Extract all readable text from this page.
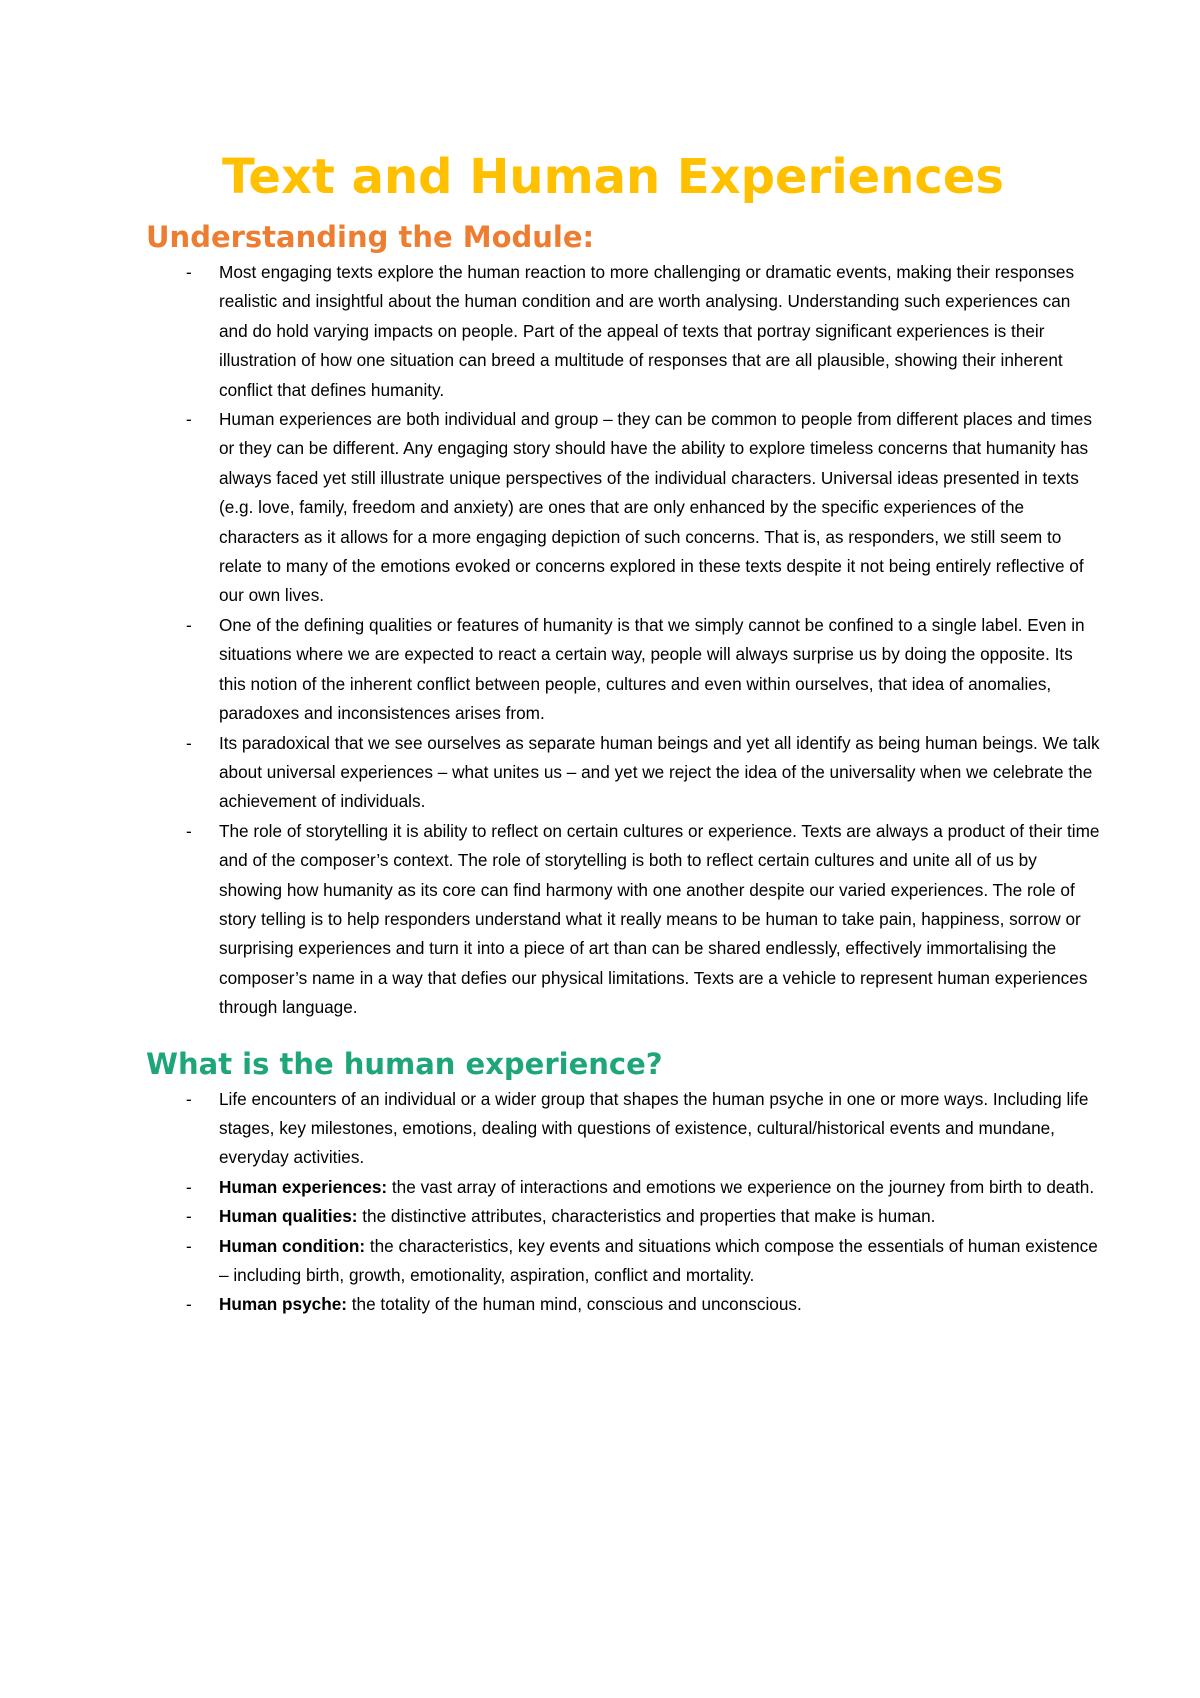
Text and Human Experiences
Understanding the Module:
-	Most engaging texts explore the human reaction to more challenging or dramatic events, making their responses realistic and insightful about the human condition and are worth analysing. Understanding such experiences can and do hold varying impacts on people. Part of the appeal of texts that portray significant experiences is their illustration of how one situation can breed a multitude of responses that are all plausible, showing their inherent conflict that defines humanity.
-	Human experiences are both individual and group – they can be common to people from different places and times or they can be different. Any engaging story should have the ability to explore timeless concerns that humanity has always faced yet still illustrate unique perspectives of the individual characters. Universal ideas presented in texts (e.g. love, family, freedom and anxiety) are ones that are only enhanced by the specific experiences of the characters as it allows for a more engaging depiction of such concerns. That is, as responders, we still seem to relate to many of the emotions evoked or concerns explored in these texts despite it not being entirely reflective of our own lives.
-	One of the defining qualities or features of humanity is that we simply cannot be confined to a single label. Even in situations where we are expected to react a certain way, people will always surprise us by doing the opposite. Its this notion of the inherent conflict between people, cultures and even within ourselves, that idea of anomalies, paradoxes and inconsistences arises from.
-	Its paradoxical that we see ourselves as separate human beings and yet all identify as being human beings. We talk about universal experiences – what unites us – and yet we reject the idea of the universality when we celebrate the achievement of individuals.
-	The role of storytelling it is ability to reflect on certain cultures or experience. Texts are always a product of their time and of the composer’s context. The role of storytelling is both to reflect certain cultures and unite all of us by showing how humanity as its core can find harmony with one another despite our varied experiences. The role of story telling is to help responders understand what it really means to be human to take pain, happiness, sorrow or surprising experiences and turn it into a piece of art than can be shared endlessly, effectively immortalising the composer’s name in a way that defies our physical limitations. Texts are a vehicle to represent human experiences through language.
What is the human experience?
-	Life encounters of an individual or a wider group that shapes the human psyche in one or more ways. Including life stages, key milestones, emotions, dealing with questions of existence, cultural/historical events and mundane, everyday activities.
-	Human experiences: the vast array of interactions and emotions we experience on the journey from birth to death.
-	Human qualities: the distinctive attributes, characteristics and properties that make is human.
-	Human condition: the characteristics, key events and situations which compose the essentials of human existence – including birth, growth, emotionality, aspiration, conflict and mortality.
-	Human psyche: the totality of the human mind, conscious and unconscious.
